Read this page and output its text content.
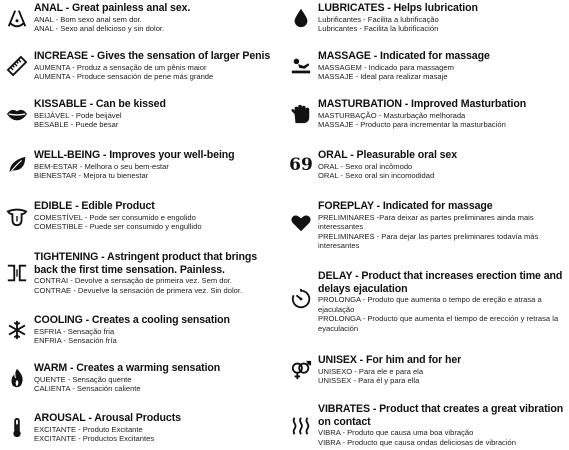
ANAL - Great painless anal sex.
ANAL - Bom sexo anal sem dor.
ANAL - Sexo anal delicioso y sin dolor.
INCREASE - Gives the sensation of larger Penis
AUMENTA - Produz a sensação de um pênis maior
AUMENTA - Produce sensación de pene más grande
KISSABLE - Can be kissed
BEIJÁVEL - Pode beijável
BESABLE - Puede besar
WELL-BEING - Improves your well-being
BEM-ESTAR - Melhora o seu bem-estar
BIENESTAR - Mejora tu bienestar
EDIBLE - Edible Product
COMESTÍVEL - Pode ser consumido e engolido
COMESTIBLE - Puede ser consumido y engullido
TIGHTENING - Astringent product that brings back the first time sensation. Painless.
CONTRAI - Devolve a sensação de primeira vez. Sem dor.
CONTRAE - Devuelve la sensación de primera vez. Sin dolor.
COOLING - Creates a cooling sensation
ESFRIA - Sensação fria
ENFRIA - Sensación fría
WARM - Creates a warming sensation
QUENTE - Sensação quente
CALIENTA - Sensación caliente
AROUSAL - Arousal Products
EXCITANTE - Produto Excitante
EXCITANTE - Productos Excitantes
LUBRICATES - Helps lubrication
Lubrificantes - Facilita a lubrificação
Lubricantes - Facilita la lubrificación
MASSAGE - Indicated for massage
MASSAGEM - Indicado para massagem
MASSAJE - Ideal para realizar masaje
MASTURBATION - Improved Masturbation
MASTURBAÇÃO - Masturbação melhorada
MASSAJE - Producto para incrementar la masturbación
69 ORAL - Pleasurable oral sex
ORAL - Sexo oral incômodo
ORAL - Sexo oral sin incomodidad
FOREPLAY - Indicated for massage
PRELIMINARES -Para deixar as partes preliminares ainda mais interessantes
PRELIMINARES - Para dejar las partes preliminares todavía más interesantes
DELAY - Product that increases erection time and delays ejaculation
PROLONGA - Produto que aumenta o tempo de ereção e atrasa a ejaculação
PROLONGA - Producto que aumenta el tiempo de erección y retrasa la eyaculación
UNISEX - For him and for her
UNISEXO - Para ele e para ela
UNISSEX - Para él y para ella
VIBRATES - Product that creates a great vibration on contact
VIBRA - Produto que causa uma boa vibração
VIBRA - Producto que causa ondas deliciosas de vibración
